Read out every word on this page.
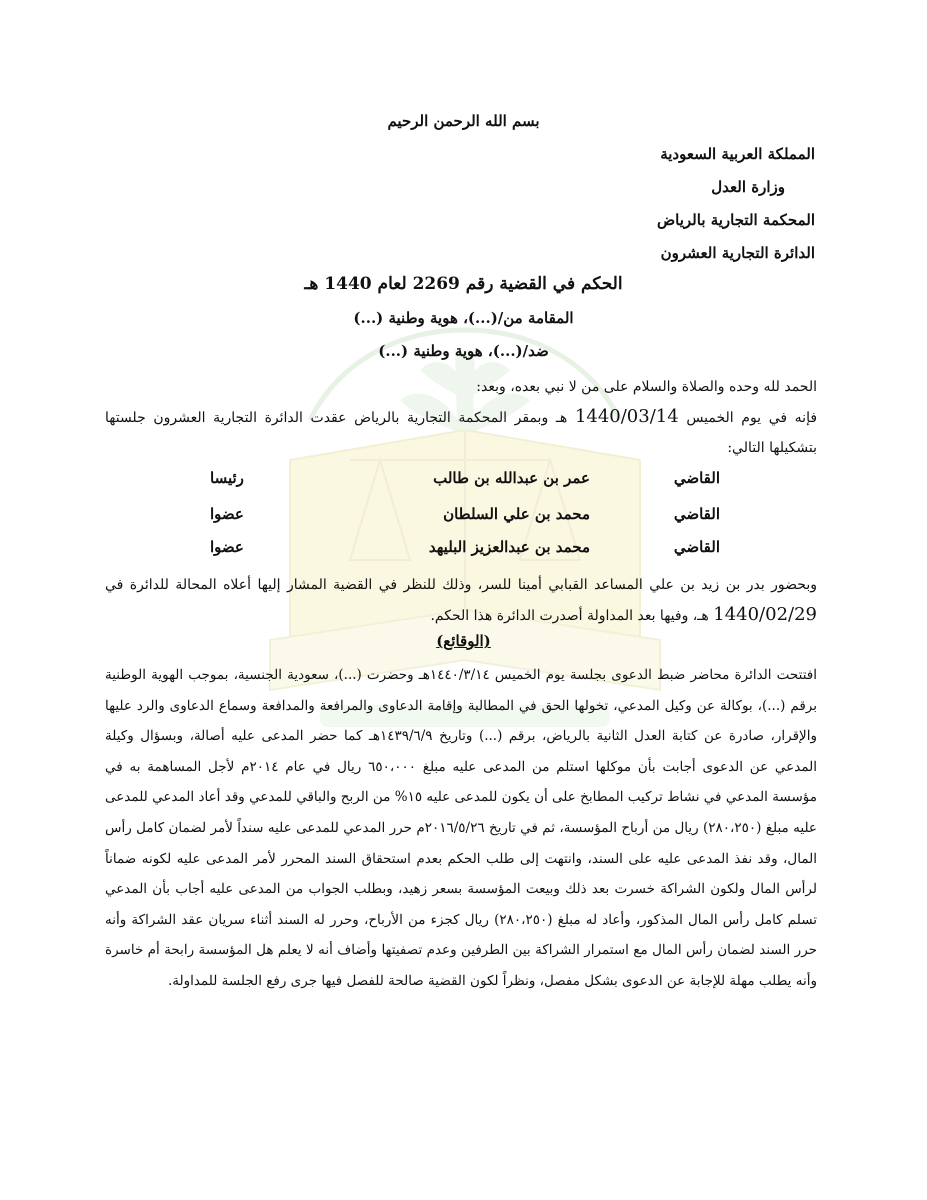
بسم الله الرحمن الرحيم
المملكة العربية السعودية
وزارة العدل
المحكمة التجارية بالرياض
الدائرة التجارية العشرون
الحكم في القضية رقم 2269 لعام 1440 هـ
المقامة من/(...)، هوية وطنية (...)
ضد/(...)، هوية وطنية (...)
الحمد لله وحده والصلاة والسلام على من لا نبي بعده، وبعد:
فإنه في يوم الخميس 1440/03/14 هـ وبمقر المحكمة التجارية بالرياض عقدت الدائرة التجارية العشرون جلستها بتشكيلها التالي:
القاضي
عمر بن عبدالله بن طالب
رئيسا
القاضي
محمد بن علي السلطان
عضوا
القاضي
محمد بن عبدالعزيز البليهد
عضوا
وبحضور بدر بن زيد بن علي المساعد القبابي أمينا للسر، وذلك للنظر في القضية المشار إليها أعلاه المحالة للدائرة في 1440/02/29 هـ، وفيها بعد المداولة أصدرت الدائرة هذا الحكم.
(الوقائع)
افتتحت الدائرة محاضر ضبط الدعوى بجلسة يوم الخميس ١٤٤٠/٣/١٤هـ وحضرت (...)، سعودية الجنسية، بموجب الهوية الوطنية برقم (...)، بوكالة عن وكيل المدعي، تخولها الحق في المطالبة وإقامة الدعاوى والمرافعة والمدافعة وسماع الدعاوى والرد عليها والإقرار، صادرة عن كتابة العدل الثانية بالرياض، برقم (...) وتاريخ ١٤٣٩/٦/٩هـ كما حضر المدعى عليه أصالة، وبسؤال وكيلة المدعي عن الدعوى أجابت بأن موكلها استلم من المدعى عليه مبلغ ٦٥٠،٠٠٠ ريال في عام ٢٠١٤م لأجل المساهمة به في مؤسسة المدعي في نشاط تركيب المطابخ على أن يكون للمدعى عليه ١٥% من الربح والباقي للمدعي وقد أعاد المدعي للمدعى عليه مبلغ (٢٨٠،٢٥٠) ريال من أرباح المؤسسة، ثم في تاريخ ٢٠١٦/٥/٢٦م حرر المدعي للمدعى عليه سنداً لأمر لضمان كامل رأس المال، وقد نفذ المدعى عليه على السند، وانتهت إلى طلب الحكم بعدم استحقاق السند المحرر لأمر المدعى عليه لكونه ضماناً لرأس المال ولكون الشراكة خسرت بعد ذلك وبيعت المؤسسة بسعر زهيد، وبطلب الجواب من المدعى عليه أجاب بأن المدعي تسلم كامل رأس المال المذكور، وأعاد له مبلغ (٢٨٠،٢٥٠) ريال كجزء من الأرباح، وحرر له السند أثناء سريان عقد الشراكة وأنه حرر السند لضمان رأس المال مع استمرار الشراكة بين الطرفين وعدم تصفيتها وأضاف أنه لا يعلم هل المؤسسة رابحة أم خاسرة وأنه يطلب مهلة للإجابة عن الدعوى بشكل مفصل، ونظراً لكون القضية صالحة للفصل فيها جرى رفع الجلسة للمداولة.
